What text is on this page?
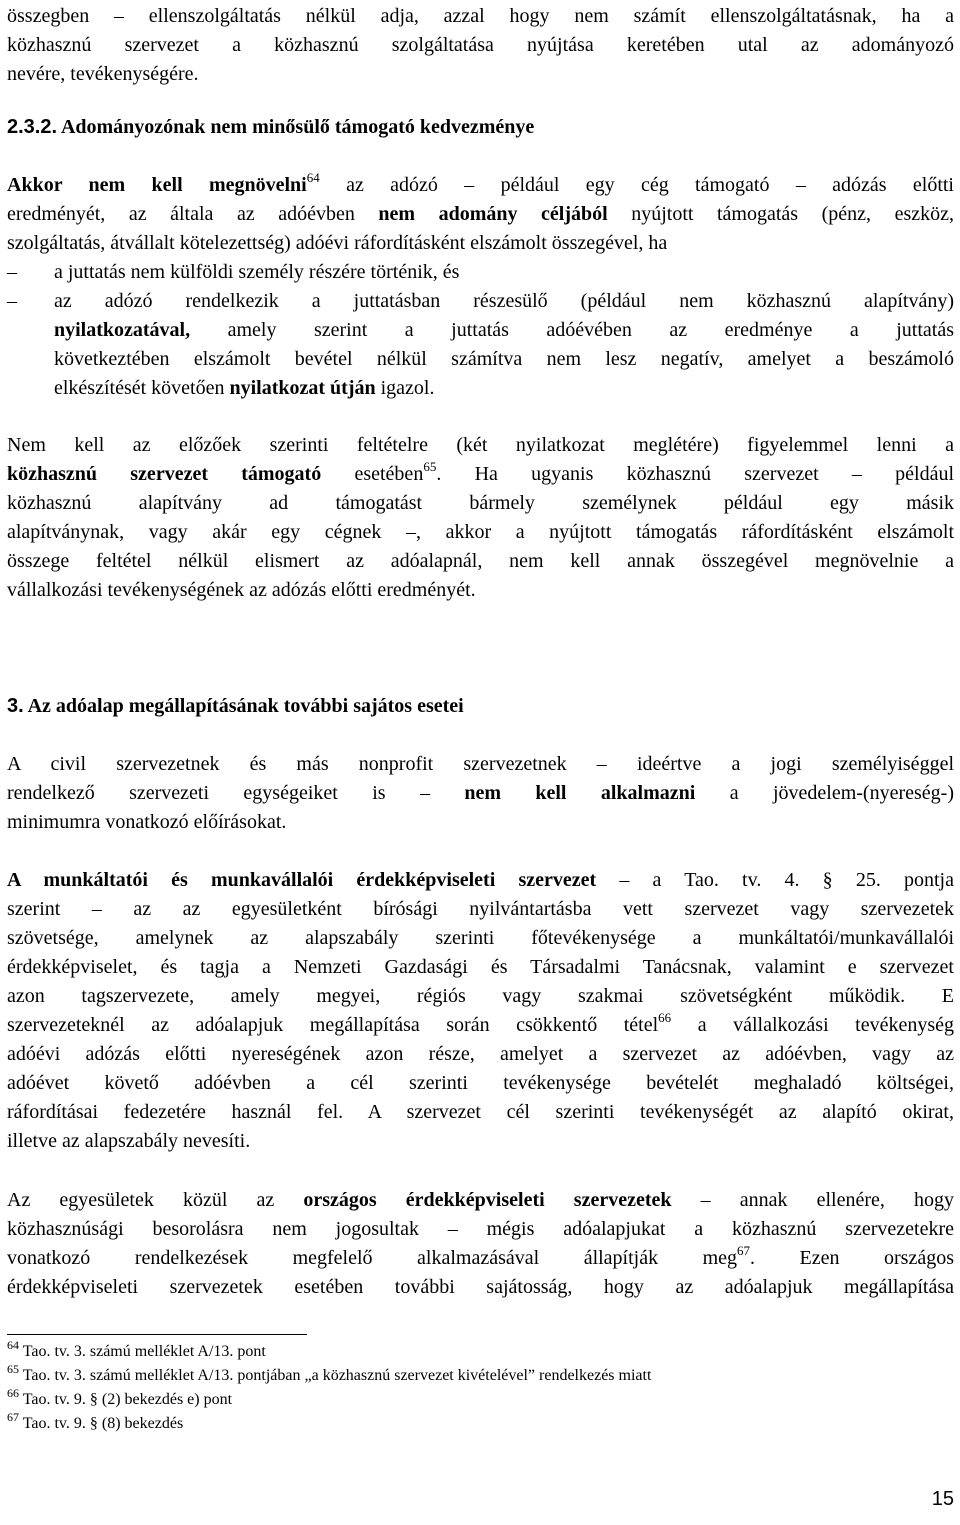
összegben – ellenszolgáltatás nélkül adja, azzal hogy nem számít ellenszolgáltatásnak, ha a
közhasznú szervezet a közhasznú szolgáltatása nyújtása keretében utal az adományozó
nevére, tevékenységére.
2.3.2. Adományozónak nem minősülő támogató kedvezménye
Akkor nem kell megnövelni$^{64}$ az adózó – például egy cég támogató – adózás előtti
eredményét, az általa az adóévben nem adomány céljából nyújtott támogatás (pénz, eszköz,
szolgáltatás, átvállalt kötelezettség) adóévi ráfordításként elszámolt összegével, ha
–	a juttatás nem külföldi személy részére történik, és
–	az adózó rendelkezik a juttatásban részesülő (például nem közhasznú alapítvány)
nyilatkozatával, amely szerint a juttatás adóévében az eredménye a juttatás
következtében elszámolt bevétel nélkül számítva nem lesz negatív, amelyet a beszámoló
elkészítését követően nyilatkozat útján igazol.
Nem kell az előzőek szerinti feltételre (két nyilatkozat meglétére) figyelemmel lenni a
közhasznú szervezet támogató esetében$^{65}$. Ha ugyanis közhasznú szervezet – például
közhasznú alapítvány ad támogatást bármely személynek például egy másik
alapítványnak, vagy akár egy cégnek –, akkor a nyújtott támogatás ráfordításként elszámolt
összege feltétel nélkül elismert az adóalapnál, nem kell annak összegével megnövelnie a
vállalkozási tevékenységének az adózás előtti eredményét.
3. Az adóalap megállapításának további sajátos esetei
A civil szervezetnek és más nonprofit szervezetnek – ideértve a jogi személyiséggel
rendelkező szervezeti egységeiket is – nem kell alkalmazni a jövedelem-(nyereség-)
minimumra vonatkozó előírásokat.
A munkáltatói és munkavállalói érdekképviseleti szervezet – a Tao. tv. 4. § 25. pontja
szerint – az az egyesületként bírósági nyilvántartásba vett szervezet vagy szervezetek
szövetsége, amelynek az alapszabály szerinti főtevékenysége a munkáltatói/munkavállalói
érdekképviselet, és tagja a Nemzeti Gazdasági és Társadalmi Tanácsnak, valamint e szervezet
azon tagszervezete, amely megyei, régiós vagy szakmai szövetségként működik. E
szervezeteknél az adóalapjuk megállapítása során csökkentő tétel$^{66}$ a vállalkozási tevékenység
adóévi adózás előtti nyereségének azon része, amelyet a szervezet az adóévben, vagy az
adóévet követő adóévben a cél szerinti tevékenysége bevételét meghaladó költségei,
ráfordításai fedezetére használ fel. A szervezet cél szerinti tevékenységét az alapító okirat,
illetve az alapszabály nevesíti.
Az egyesületek közül az országos érdekképviseleti szervezetek – annak ellenére, hogy
közhasznúsági besorolásra nem jogosultak – mégis adóalapjukat a közhasznú szervezetekre
vonatkozó rendelkezések megfelelő alkalmazásával állapítják meg$^{67}$. Ezen országos
érdekképviseleti szervezetek esetében további sajátosság, hogy az adóalapjuk megállapítása
$^{64}$ Tao. tv. 3. számú melléklet A/13. pont
$^{65}$ Tao. tv. 3. számú melléklet A/13. pontjában „a közhasznú szervezet kivételével” rendelkezés miatt
$^{66}$ Tao. tv. 9. § (2) bekezdés e) pont
$^{67}$ Tao. tv. 9. § (8) bekezdés
15
